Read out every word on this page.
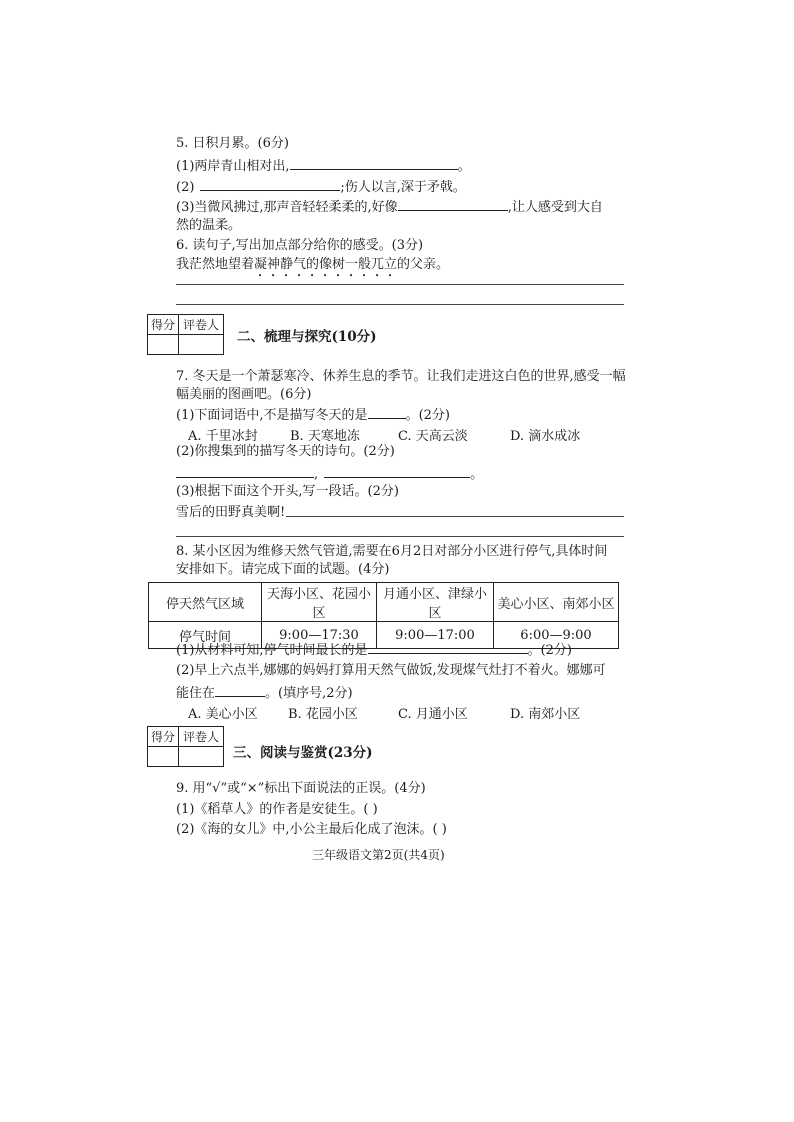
5. 日积月累。(6分)
(1)两岸青山相对出,	。
(2)	;伤人以言,深于矛戟。
(3)当微风拂过,那声音轻轻柔柔的,好像	,让人感受到大自
然的温柔。
6. 读句子,写出加点部分给你的感受。(3分)
我茫然地望着凝神静气的像树一般兀立的父亲。
得分	评卷人

二、梳理与探究(10分)
7. 冬天是一个萧瑟寒冷、休养生息的季节。让我们走进这白色的世界,感受一幅
幅美丽的图画吧。(6分)
(1)下面词语中,不是描写冬天的是	。(2分)
A. 千里冰封 B. 天寒地冻	C. 天高云淡	D. 滴水成冰
(2)你搜集到的描写冬天的诗句。(2分)
,	。
(3)根据下面这个开头,写一段话。(2分)
雪后的田野真美啊!
8. 某小区因为维修天然气管道,需要在6月2日对部分小区进行停气,具体时间
安排如下。请完成下面的试题。(4分)
停天然气区域	天海小区、花园小区	月通小区、津绿小区	美心小区、南郊小区
停气时间	9:00—17:30	9:00—17:00	6:00—9:00
(1)从材料可知,停气时间最长的是	。(2分)
(2)早上六点半,娜娜的妈妈打算用天然气做饭,发现煤气灶打不着火。娜娜可
能住在	。(填序号,2分)
A. 美心小区 B. 花园小区	C. 月通小区	D. 南郊小区
得分	评卷人

三、阅读与鉴赏(23分)
9. 用“√”或“×”标出下面说法的正误。(4分)
(1)《稻草人》的作者是安徒生。( )
(2)《海的女儿》中,小公主最后化成了泡沫。( )
三年级语文第2页(共4页)
